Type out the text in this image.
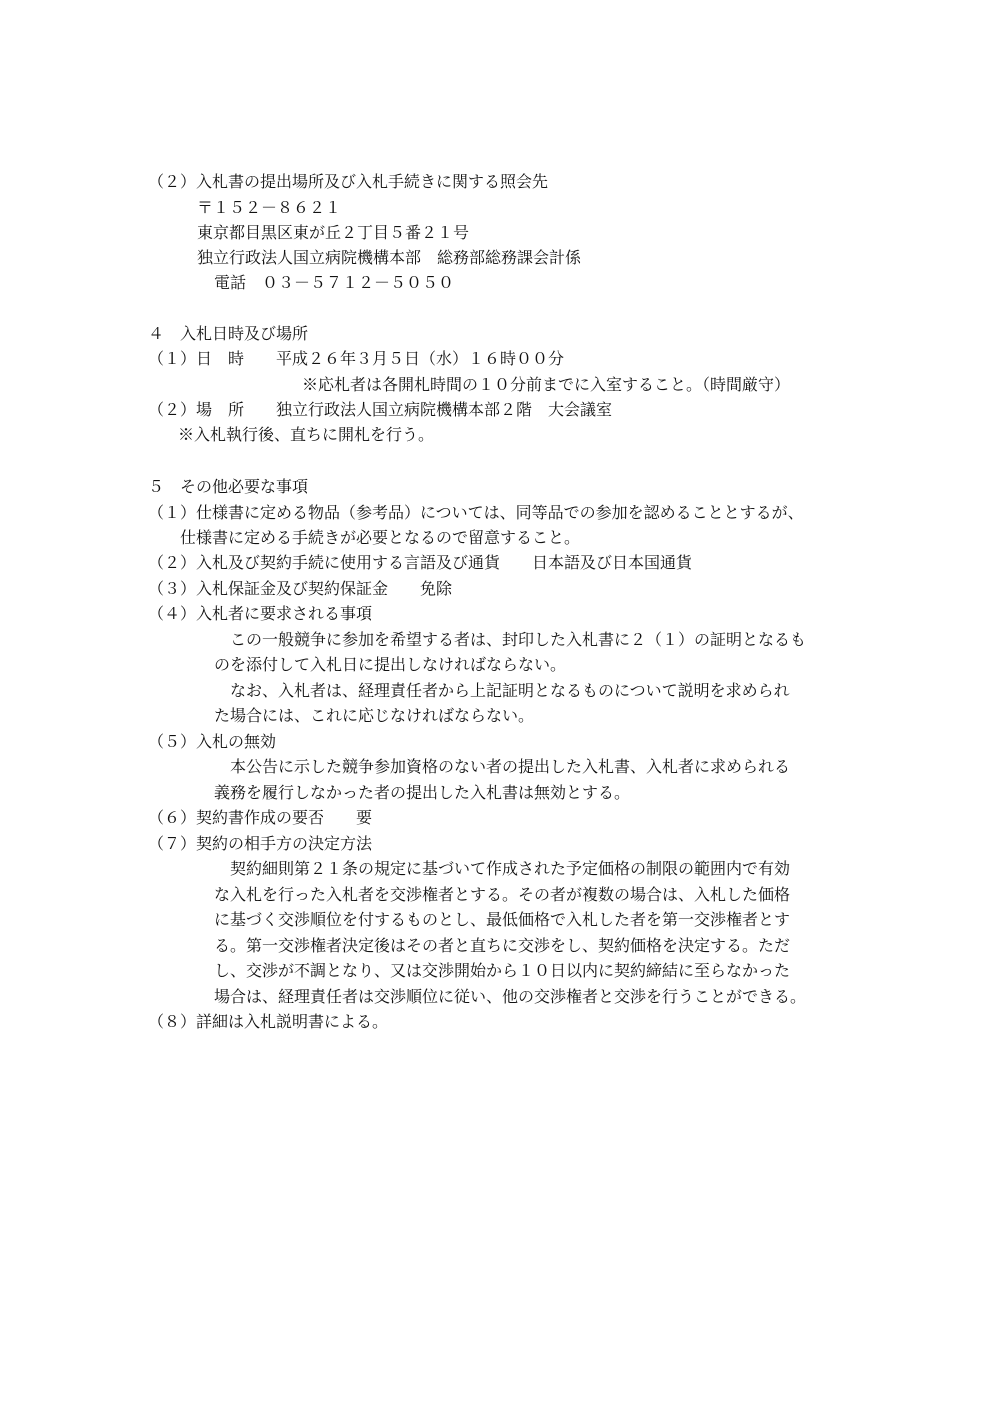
（２）入札書の提出場所及び入札手続きに関する照会先
〒１５２－８６２１
東京都目黒区東が丘２丁目５番２１号
独立行政法人国立病院機構本部　総務部総務課会計係
電話　０３－５７１２－５０５０
４　入札日時及び場所
（１）日　時　　平成２６年３月５日（水）１６時００分
※応札者は各開札時間の１０分前までに入室すること。（時間厳守）
（２）場　所　　独立行政法人国立病院機構本部２階　大会議室
※入札執行後、直ちに開札を行う。
５　その他必要な事項
（１）仕様書に定める物品（参考品）については、同等品での参加を認めることとするが、
仕様書に定める手続きが必要となるので留意すること。
（２）入札及び契約手続に使用する言語及び通貨　　日本語及び日本国通貨
（３）入札保証金及び契約保証金　　免除
（４）入札者に要求される事項
この一般競争に参加を希望する者は、封印した入札書に２（１）の証明となるも
のを添付して入札日に提出しなければならない。
なお、入札者は、経理責任者から上記証明となるものについて説明を求められ
た場合には、これに応じなければならない。
（５）入札の無効
本公告に示した競争参加資格のない者の提出した入札書、入札者に求められる
義務を履行しなかった者の提出した入札書は無効とする。
（６）契約書作成の要否　　要
（７）契約の相手方の決定方法
契約細則第２１条の規定に基づいて作成された予定価格の制限の範囲内で有効
な入札を行った入札者を交渉権者とする。その者が複数の場合は、入札した価格
に基づく交渉順位を付するものとし、最低価格で入札した者を第一交渉権者とす
る。第一交渉権者決定後はその者と直ちに交渉をし、契約価格を決定する。ただ
し、交渉が不調となり、又は交渉開始から１０日以内に契約締結に至らなかった
場合は、経理責任者は交渉順位に従い、他の交渉権者と交渉を行うことができる。
（８）詳細は入札説明書による。
